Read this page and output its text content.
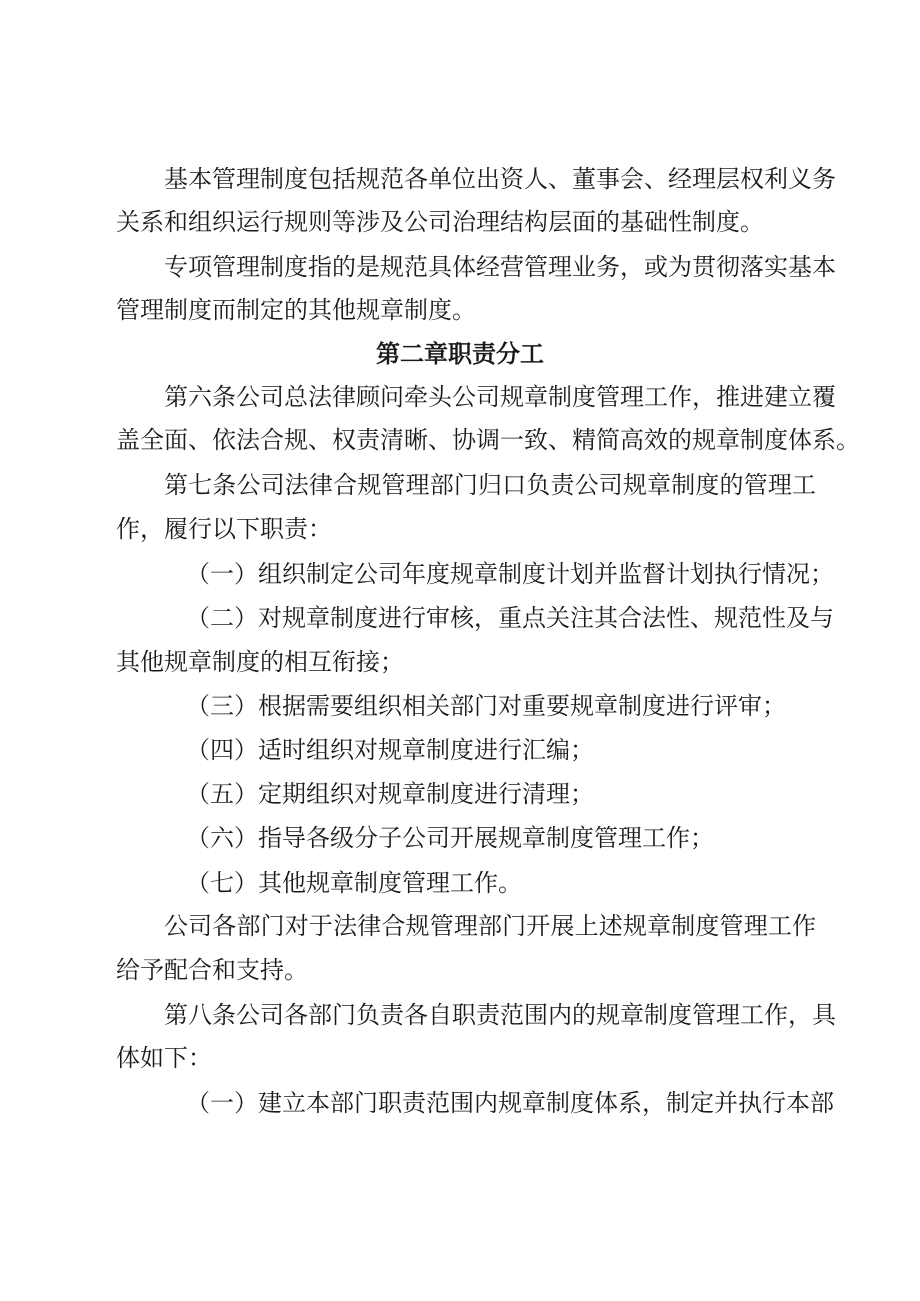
基本管理制度包括规范各单位出资人、董事会、经理层权利义务
关系和组织运行规则等涉及公司治理结构层面的基础性制度。
专项管理制度指的是规范具体经营管理业务，或为贯彻落实基本
管理制度而制定的其他规章制度。
第二章职责分工
第六条公司总法律顾问牵头公司规章制度管理工作，推进建立覆
盖全面、依法合规、权责清晰、协调一致、精简高效的规章制度体系。
第七条公司法律合规管理部门归口负责公司规章制度的管理工
作，履行以下职责：
（一）组织制定公司年度规章制度计划并监督计划执行情况；
（二）对规章制度进行审核，重点关注其合法性、规范性及与
其他规章制度的相互衔接；
（三）根据需要组织相关部门对重要规章制度进行评审；
（四）适时组织对规章制度进行汇编；
（五）定期组织对规章制度进行清理；
（六）指导各级分子公司开展规章制度管理工作；
（七）其他规章制度管理工作。
公司各部门对于法律合规管理部门开展上述规章制度管理工作
给予配合和支持。
第八条公司各部门负责各自职责范围内的规章制度管理工作，具
体如下：
（一）建立本部门职责范围内规章制度体系，制定并执行本部
